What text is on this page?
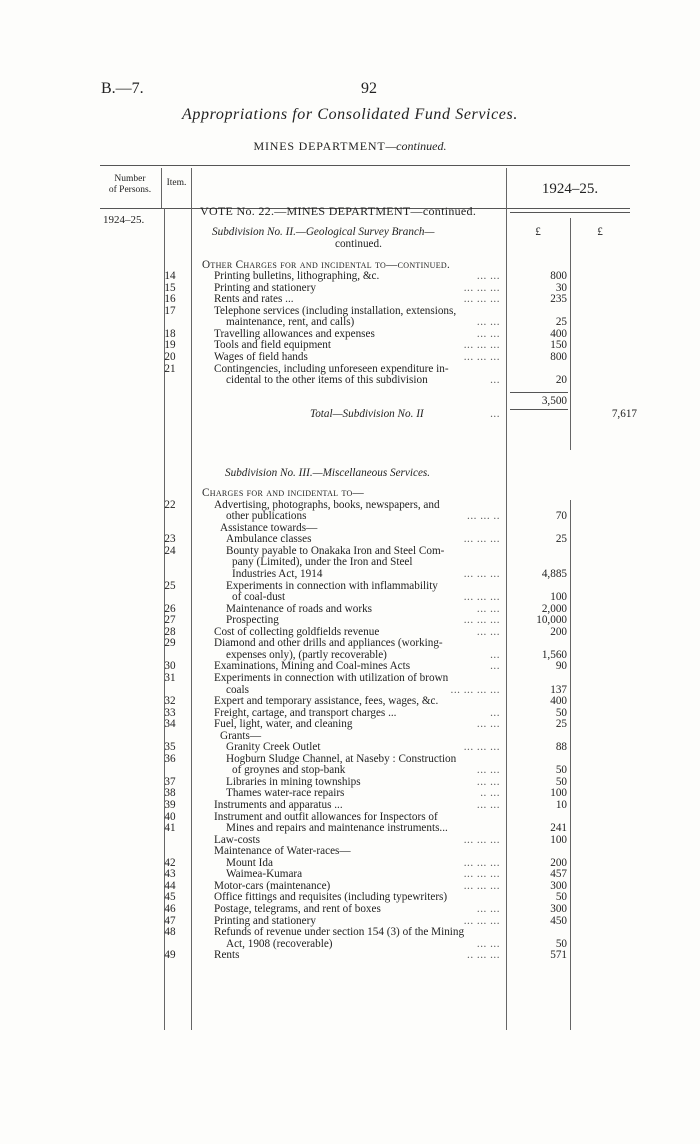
B.—7.	92
Appropriations for Consolidated Fund Services.
MINES DEPARTMENT—continued.
Number
of Persons.
Item.	1924–25.
1924–25.
VOTE No. 22.—MINES DEPARTMENT—continued.
Subdivision No. II.—Geological Survey Branch—	£	£
continued.
Other Charges for and incidental to—continued.
14	Printing bulletins, lithographing, &c.	... ...	800
15	Printing and stationery	... ... ...	30
16	Rents and rates ...	... ... ...	235
17	Telephone services (including installation, extensions,
maintenance, rent, and calls)	... ...	25
18	Travelling allowances and expenses	... ...	400
19	Tools and field equipment	... ... ...	150
20	Wages of field hands	... ... ...	800
21	Contingencies, including unforeseen expenditure in-
cidental to the other items of this subdivision	...	20
3,500
Total—Subdivision No. II	...	7,617
Subdivision No. III.—Miscellaneous Services.
Charges for and incidental to—
22	Advertising, photographs, books, newspapers, and
other publications	... ... ..	70
Assistance towards—
23	Ambulance classes	... ... ...	25
24	Bounty payable to Onakaka Iron and Steel Com-
pany (Limited), under the Iron and Steel
Industries Act, 1914	... ... ...	4,885
25	Experiments in connection with inflammability
of coal-dust	... ... ...	100
26	Maintenance of roads and works	... ...	2,000
27	Prospecting	... ... ...	10,000
28	Cost of collecting goldfields revenue	... ...	200
29	Diamond and other drills and appliances (working-
expenses only), (partly recoverable)	...	1,560
30	Examinations, Mining and Coal-mines Acts	...	90
31	Experiments in connection with utilization of brown
coals	... ... ... ...	137
32	Expert and temporary assistance, fees, wages, &c.	400
33	Freight, cartage, and transport charges ...	...	50
34	Fuel, light, water, and cleaning	... ...	25
Grants—
35	Granity Creek Outlet	... ... ...	88
36	Hogburn Sludge Channel, at Naseby : Construction
of groynes and stop-bank	... ...	50
37	Libraries in mining townships	... ...	50
38	Thames water-race repairs	.. ...	100
39	Instruments and apparatus ...	... ...	10
40	Instrument and outfit allowances for Inspectors of
41	Mines and repairs and maintenance instruments...	241
Law-costs	... ... ...	100
Maintenance of Water-races—
42	Mount Ida	... ... ...	200
43	Waimea-Kumara	... ... ...	457
44	Motor-cars (maintenance)	... ... ...	300
45	Office fittings and requisites (including typewriters)	50
46	Postage, telegrams, and rent of boxes	... ...	300
47	Printing and stationery	... ... ...	450
48	Refunds of revenue under section 154 (3) of the Mining
Act, 1908 (recoverable)	... ...	50
49	Rents	.. ... ...	571
